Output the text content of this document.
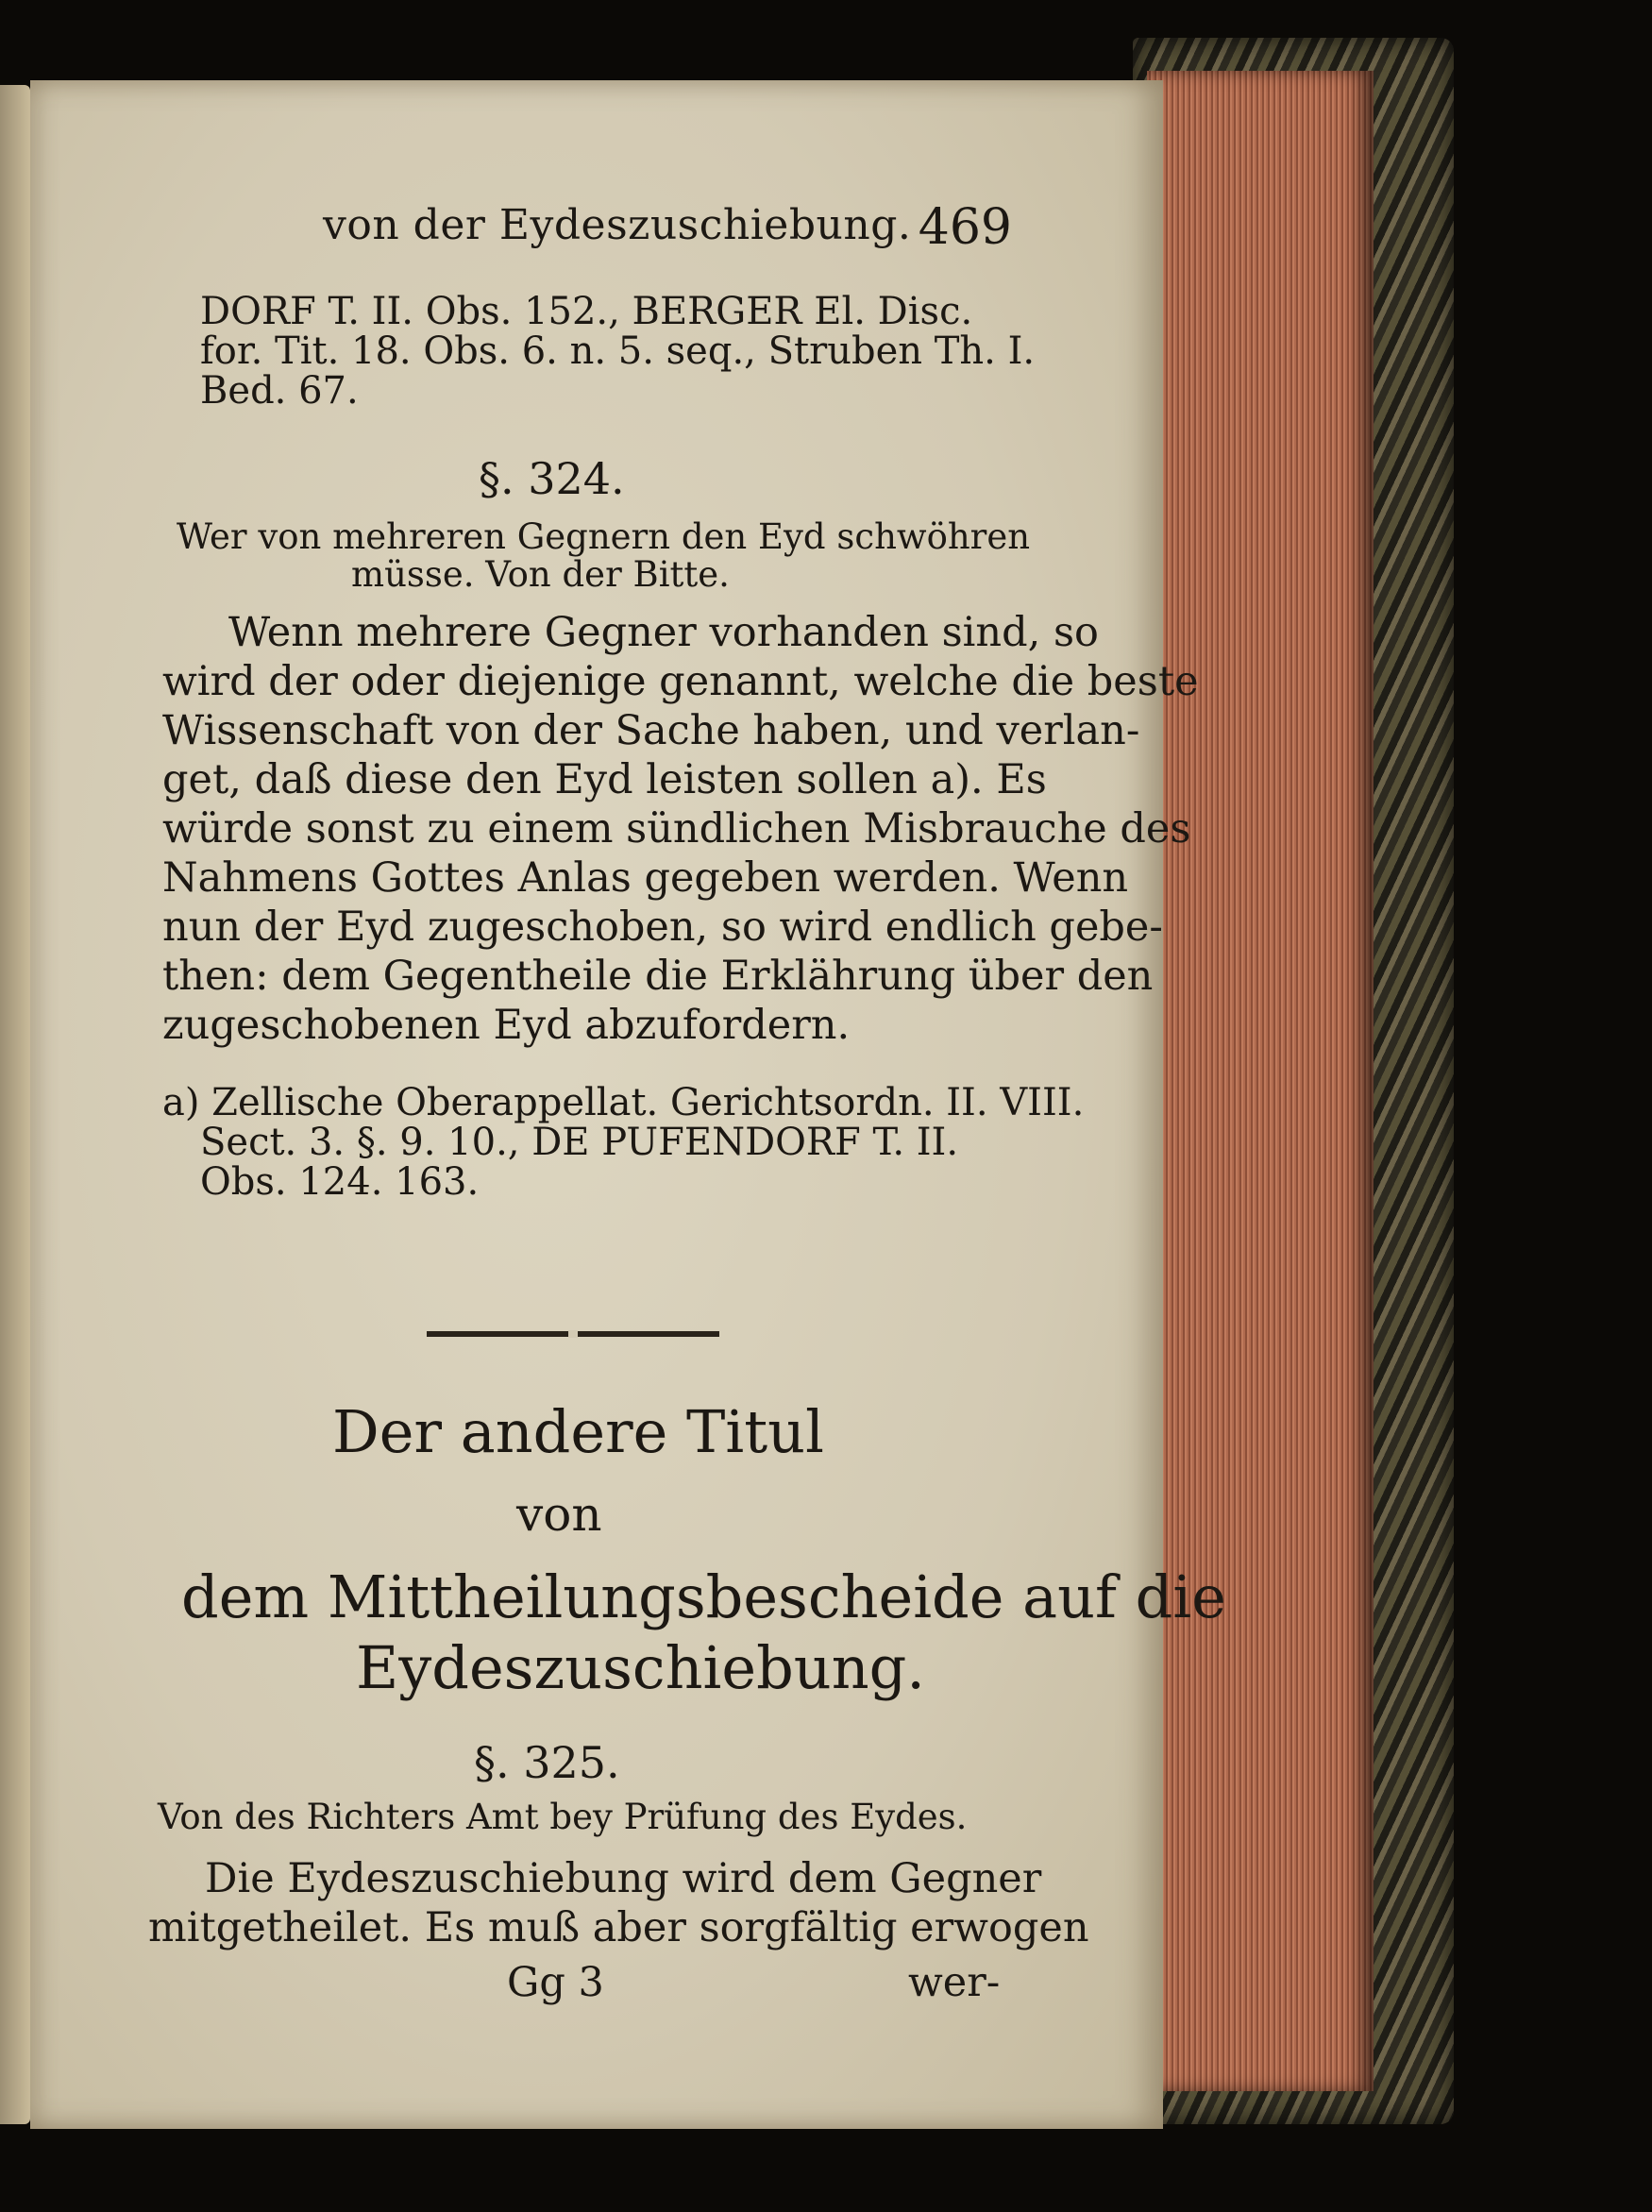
von der Eydeszuschiebung. 469
DORF T. II. Obs. 152., BERGER El. Disc.
for. Tit. 18. Obs. 6. n. 5. seq., Struben Th. I.
Bed. 67.
§. 324.
Wer von mehreren Gegnern den Eyd schwöhren
müsse. Von der Bitte.
Wenn mehrere Gegner vorhanden sind, so
wird der oder diejenige genannt, welche die beste
Wissenschaft von der Sache haben, und verlan-
get, daß diese den Eyd leisten sollen a). Es
würde sonst zu einem sündlichen Misbrauche des
Nahmens Gottes Anlas gegeben werden. Wenn
nun der Eyd zugeschoben, so wird endlich gebe-
then: dem Gegentheile die Erklährung über den
zugeschobenen Eyd abzufordern.
a) Zellische Oberappellat. Gerichtsordn. II. VIII.
Sect. 3. §. 9. 10., DE PUFENDORF T. II.
Obs. 124. 163.
Der andere Titul
von
dem Mittheilungsbescheide auf die
Eydeszuschiebung.
§. 325.
Von des Richters Amt bey Prüfung des Eydes.
Die Eydeszuschiebung wird dem Gegner
mitgetheilet. Es muß aber sorgfältig erwogen
Gg 3	wer-
